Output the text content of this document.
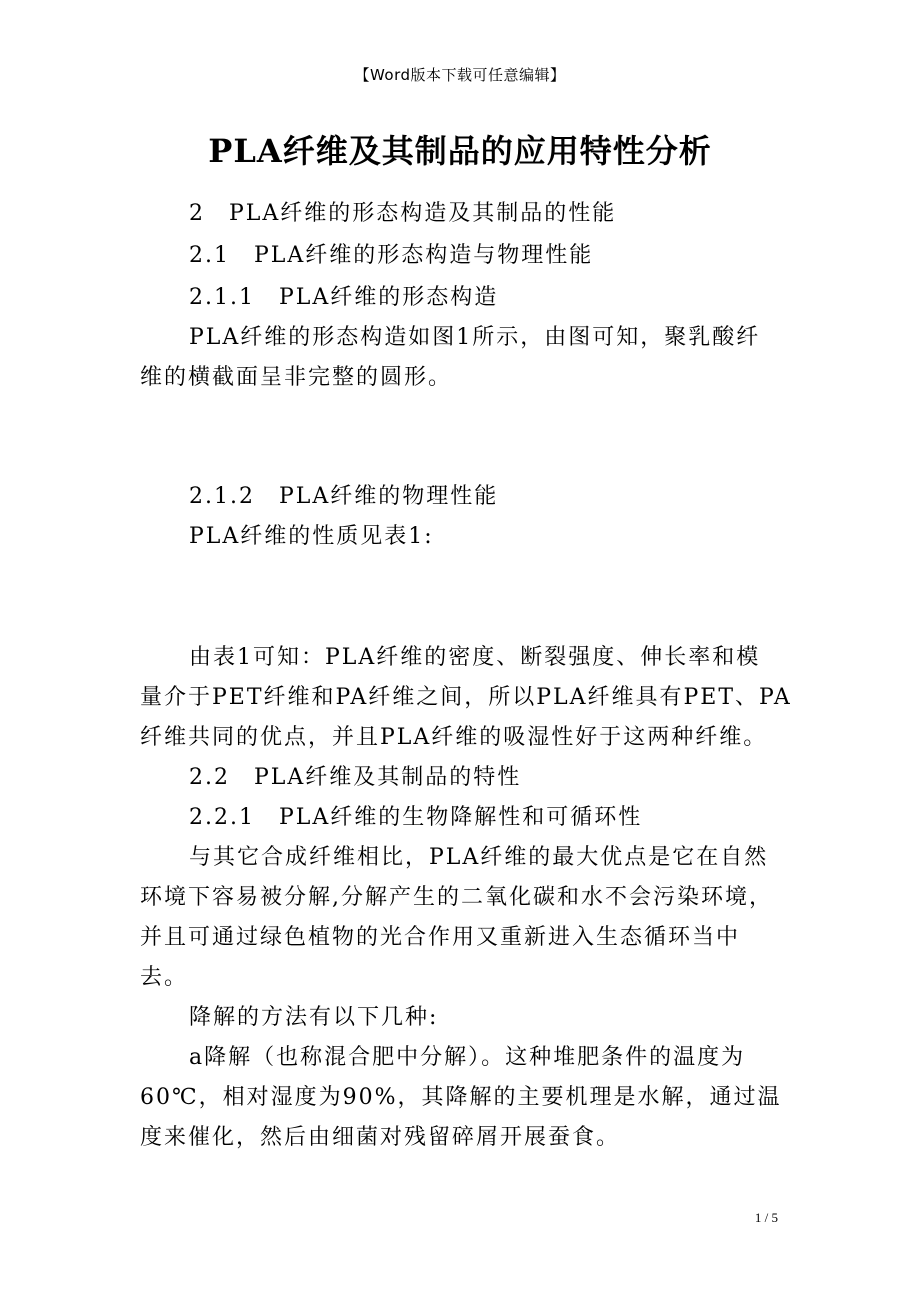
【Word版本下载可任意编辑】
PLA纤维及其制品的应用特性分析
2　PLA纤维的形态构造及其制品的性能
2.1　PLA纤维的形态构造与物理性能
2.1.1　PLA纤维的形态构造
PLA纤维的形态构造如图1所示，由图可知，聚乳酸纤
维的横截面呈非完整的圆形。
2.1.2　PLA纤维的物理性能
PLA纤维的性质见表1:
由表1可知：PLA纤维的密度、断裂强度、伸长率和模
量介于PET纤维和PA纤维之间，所以PLA纤维具有PET、PA
纤维共同的优点，并且PLA纤维的吸湿性好于这两种纤维。
2.2　PLA纤维及其制品的特性
2.2.1　PLA纤维的生物降解性和可循环性
与其它合成纤维相比，PLA纤维的最大优点是它在自然
环境下容易被分解,分解产生的二氧化碳和水不会污染环境，
并且可通过绿色植物的光合作用又重新进入生态循环当中
去。
降解的方法有以下几种:
a降解（也称混合肥中分解）。这种堆肥条件的温度为
60℃，相对湿度为90%，其降解的主要机理是水解，通过温
度来催化，然后由细菌对残留碎屑开展蚕食。
1 / 5
